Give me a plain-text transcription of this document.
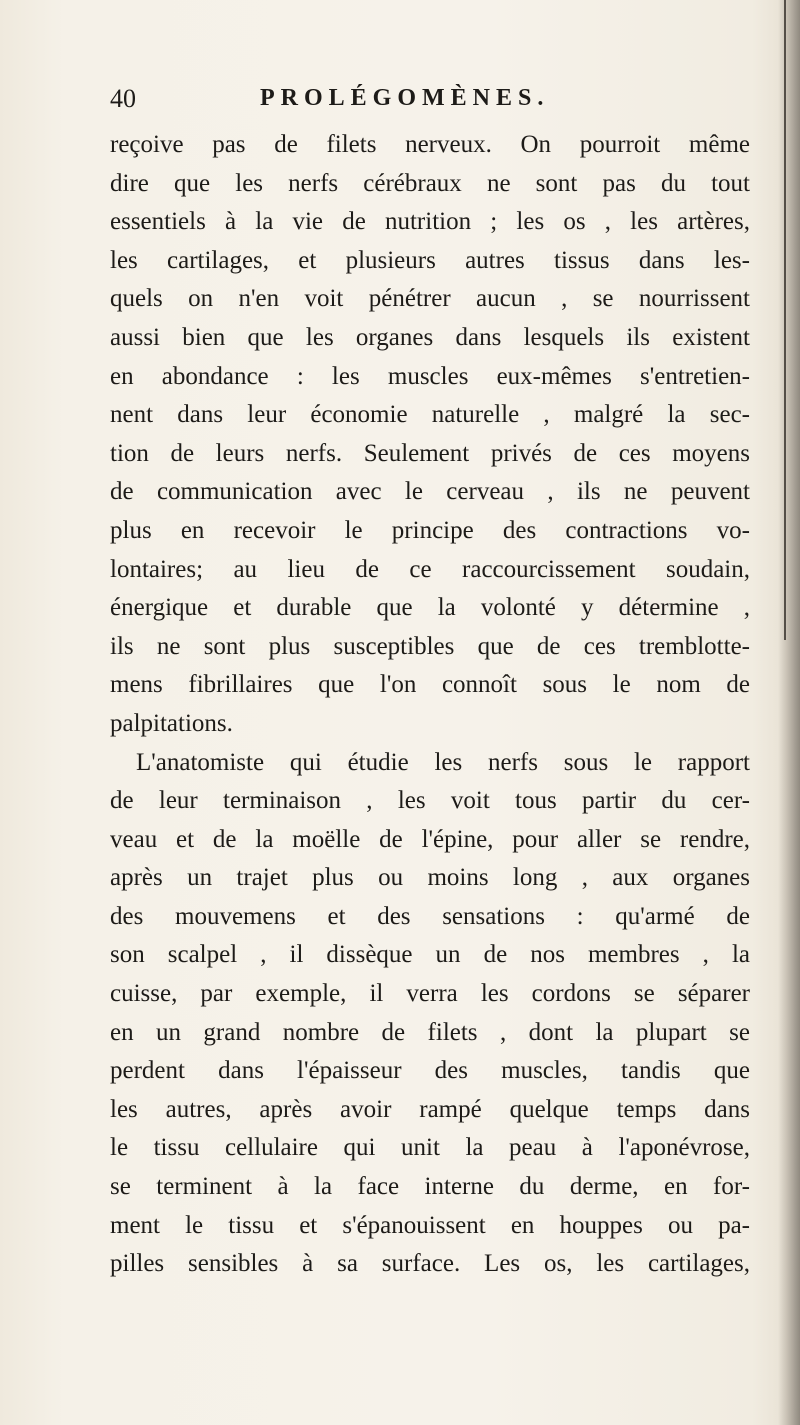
40	PROLÉGOMÈNES.
reçoive pas de filets nerveux. On pourroit même
dire que les nerfs cérébraux ne sont pas du tout
essentiels à la vie de nutrition ; les os , les artères,
les cartilages, et plusieurs autres tissus dans les-
quels on n'en voit pénétrer aucun , se nourrissent
aussi bien que les organes dans lesquels ils existent
en abondance : les muscles eux-mêmes s'entretien-
nent dans leur économie naturelle , malgré la sec-
tion de leurs nerfs. Seulement privés de ces moyens
de communication avec le cerveau , ils ne peuvent
plus en recevoir le principe des contractions vo-
lontaires; au lieu de ce raccourcissement soudain,
énergique et durable que la volonté y détermine ,
ils ne sont plus susceptibles que de ces tremblotte-
mens fibrillaires que l'on connoît sous le nom de
palpitations.
L'anatomiste qui étudie les nerfs sous le rapport
de leur terminaison , les voit tous partir du cer-
veau et de la moëlle de l'épine, pour aller se rendre,
après un trajet plus ou moins long , aux organes
des mouvemens et des sensations : qu'armé de
son scalpel , il dissèque un de nos membres , la
cuisse, par exemple, il verra les cordons se séparer
en un grand nombre de filets , dont la plupart se
perdent dans l'épaisseur des muscles, tandis que
les autres, après avoir rampé quelque temps dans
le tissu cellulaire qui unit la peau à l'aponévrose,
se terminent à la face interne du derme, en for-
ment le tissu et s'épanouissent en houppes ou pa-
pilles sensibles à sa surface. Les os, les cartilages,
